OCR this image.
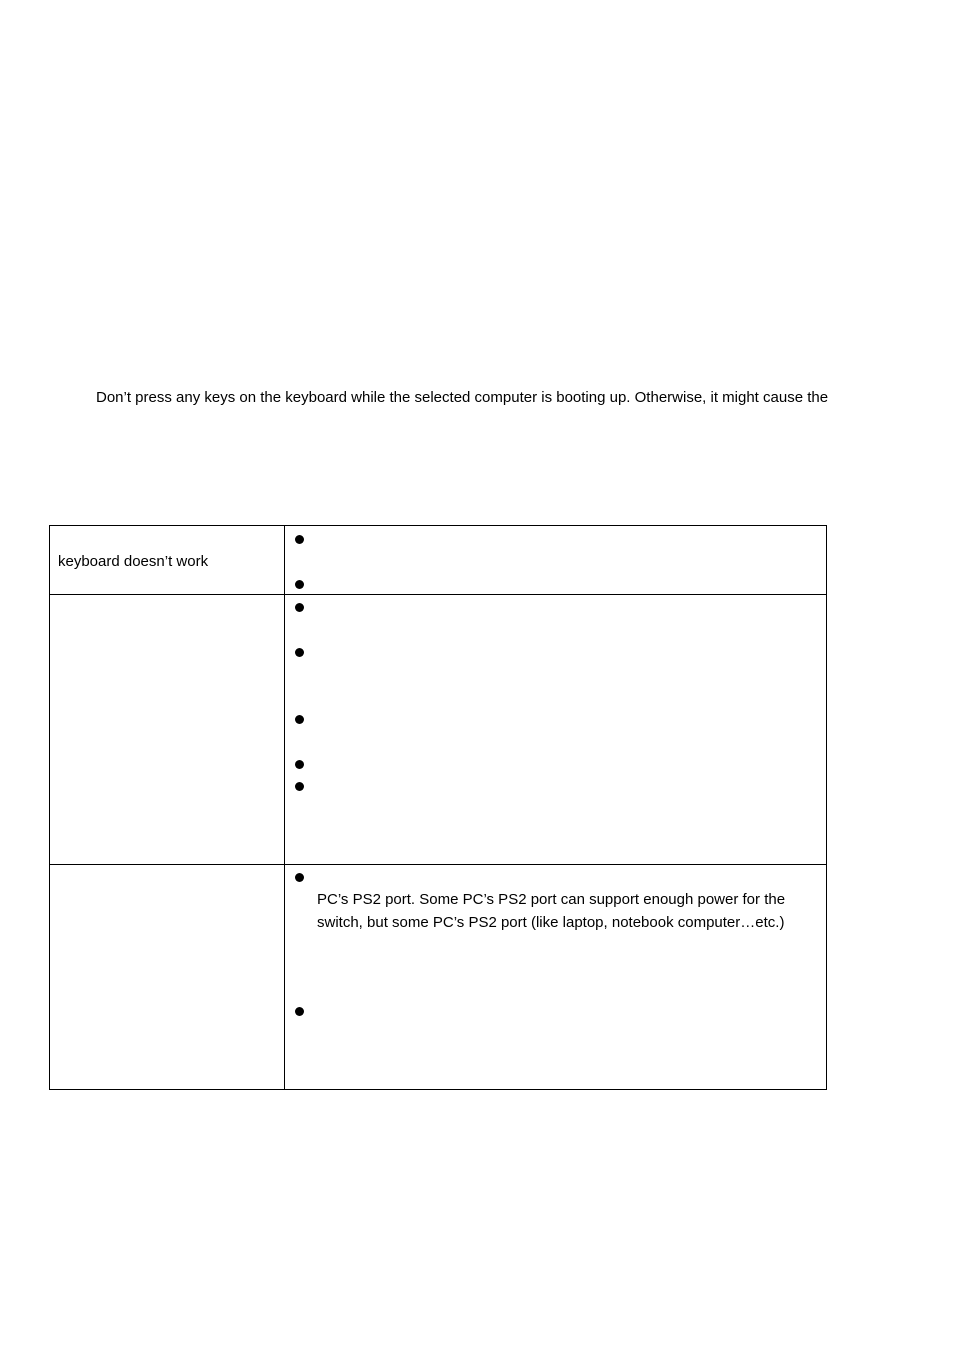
Don’t press any keys on the keyboard while the selected computer is booting up. Otherwise, it might cause the
keyboard doesn’t work	

	PC’s PS2 port. Some PC’s PS2 port can support enough power for the
switch, but some PC’s PS2 port (like laptop, notebook computer…etc.)
